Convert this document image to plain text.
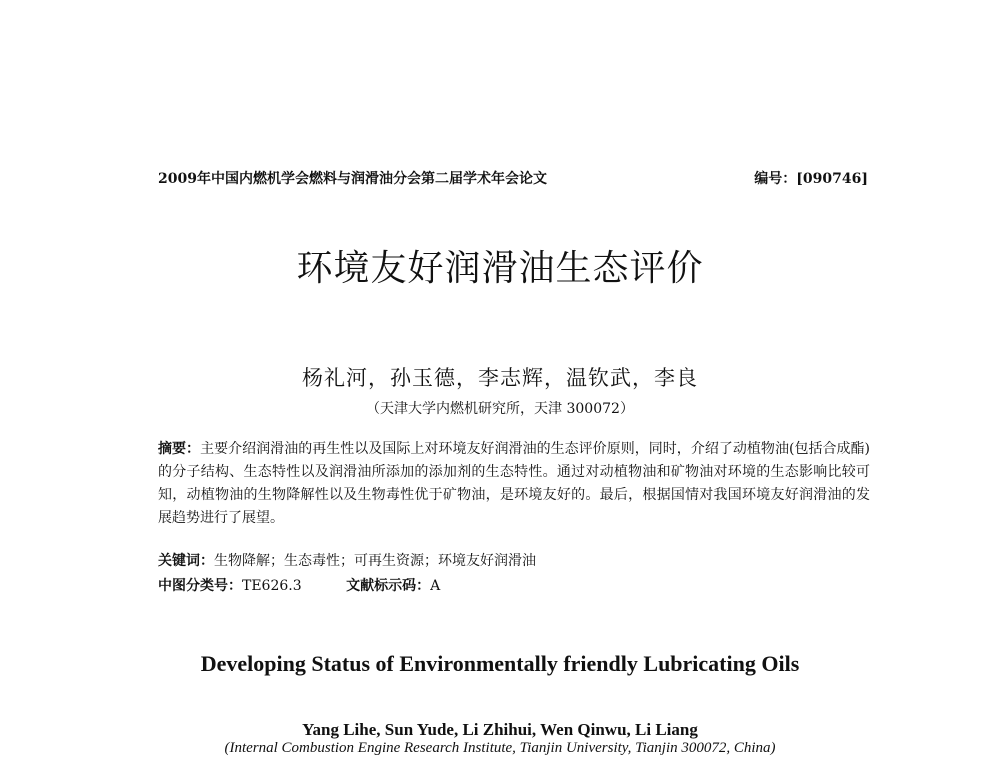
2009年中国内燃机学会燃料与润滑油分会第二届学术年会论文	编号：[090746]
环境友好润滑油生态评价
杨礼河，孙玉德，李志辉，温钦武，李良
（天津大学内燃机研究所，天津 300072）
摘要：主要介绍润滑油的再生性以及国际上对环境友好润滑油的生态评价原则，同时，介绍了动植物油(包括合成酯)的分子结构、生态特性以及润滑油所添加的添加剂的生态特性。通过对动植物油和矿物油对环境的生态影响比较可知，动植物油的生物降解性以及生物毒性优于矿物油，是环境友好的。最后，根据国情对我国环境友好润滑油的发展趋势进行了展望。
关键词：生物降解；生态毒性；可再生资源；环境友好润滑油
中图分类号：TE626.3	文献标示码：A
Developing Status of Environmentally friendly Lubricating Oils
Yang Lihe, Sun Yude, Li Zhihui, Wen Qinwu, Li Liang
(Internal Combustion Engine Research Institute, Tianjin University, Tianjin 300072, China)
